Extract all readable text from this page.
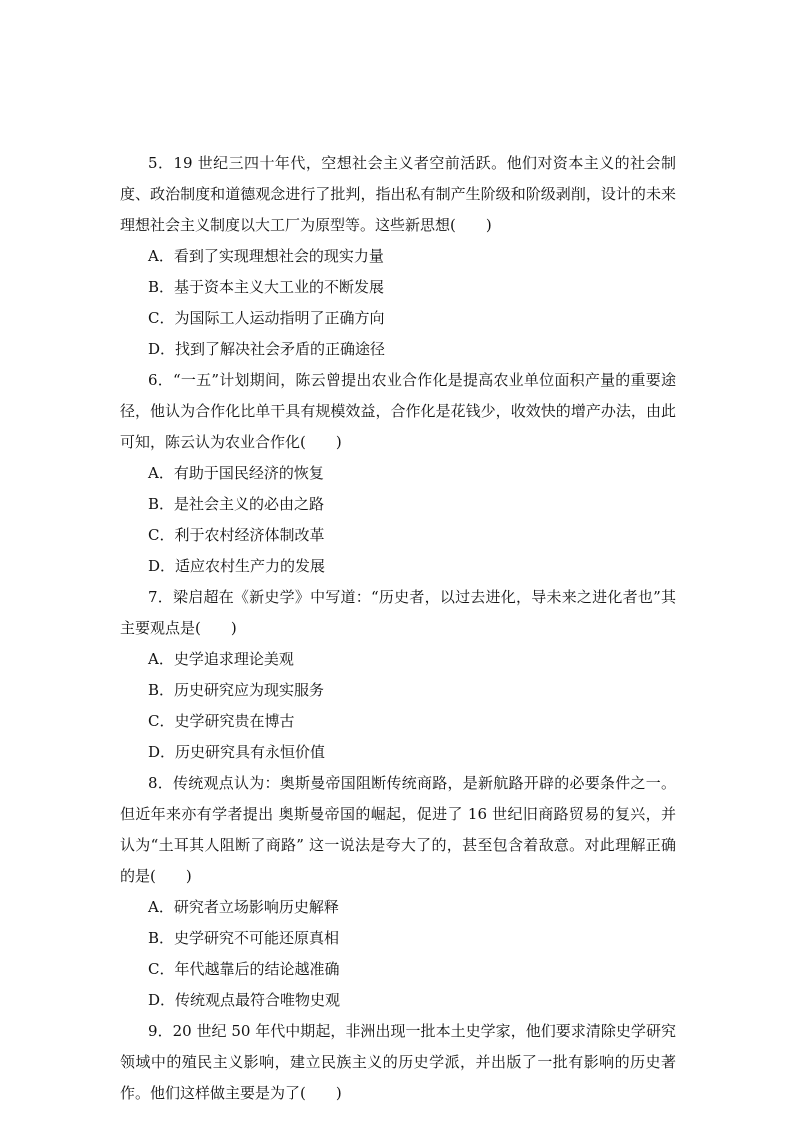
5．19 世纪三四十年代，空想社会主义者空前活跃。他们对资本主义的社会制度、政治制度和道德观念进行了批判，指出私有制产生阶级和阶级剥削，设计的未来理想社会主义制度以大工厂为原型等。这些新思想(　　)

A．看到了实现理想社会的现实力量

B．基于资本主义大工业的不断发展

C．为国际工人运动指明了正确方向

D．找到了解决社会矛盾的正确途径

6．“一五”计划期间，陈云曾提出农业合作化是提高农业单位面积产量的重要途径，他认为合作化比单干具有规模效益，合作化是花钱少，收效快的增产办法，由此可知，陈云认为农业合作化(　　)

A．有助于国民经济的恢复

B．是社会主义的必由之路

C．利于农村经济体制改革

D．适应农村生产力的发展

7．梁启超在《新史学》中写道：“历史者，以过去进化，导未来之进化者也”其主要观点是(　　)

A．史学追求理论美观

B．历史研究应为现实服务

C．史学研究贵在博古

D．历史研究具有永恒价值

8．传统观点认为：奥斯曼帝国阻断传统商路，是新航路开辟的必要条件之一。但近年来亦有学者提出 奥斯曼帝国的崛起，促进了 16 世纪旧商路贸易的复兴，并认为“土耳其人阻断了商路” 这一说法是夸大了的，甚至包含着敌意。对此理解正确的是(　　)

A．研究者立场影响历史解释

B．史学研究不可能还原真相

C．年代越靠后的结论越准确

D．传统观点最符合唯物史观

9．20 世纪 50 年代中期起，非洲出现一批本土史学家，他们要求清除史学研究领域中的殖民主义影响，建立民族主义的历史学派，并出版了一批有影响的历史著作。他们这样做主要是为了(　　)
